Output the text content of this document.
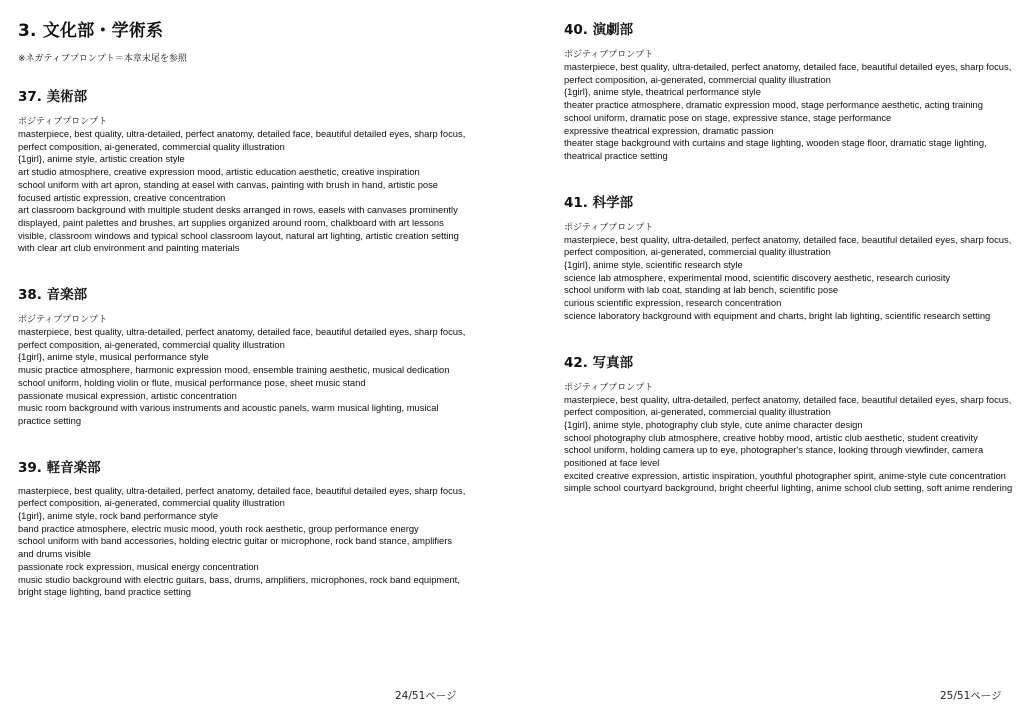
3. 文化部・学術系

※ネガティブプロンプト＝本章末尾を参照

37. 美術部

ポジティブプロンプト

masterpiece, best quality, ultra-detailed, perfect anatomy, detailed face, beautiful detailed eyes, sharp focus, perfect composition, ai-generated, commercial quality illustration

{1girl}, anime style, artistic creation style

art studio atmosphere, creative expression mood, artistic education aesthetic, creative inspiration

school uniform with art apron, standing at easel with canvas, painting with brush in hand, artistic pose

focused artistic expression, creative concentration

art classroom background with multiple student desks arranged in rows, easels with canvases prominently displayed, paint palettes and brushes, art supplies organized around room, chalkboard with art lessons visible, classroom windows and typical school classroom layout, natural art lighting, artistic creation setting with clear art club environment and painting materials

38. 音楽部

ポジティブプロンプト

masterpiece, best quality, ultra-detailed, perfect anatomy, detailed face, beautiful detailed eyes, sharp focus, perfect composition, ai-generated, commercial quality illustration

{1girl}, anime style, musical performance style

music practice atmosphere, harmonic expression mood, ensemble training aesthetic, musical dedication

school uniform, holding violin or flute, musical performance pose, sheet music stand

passionate musical expression, artistic concentration

music room background with various instruments and acoustic panels, warm musical lighting, musical practice setting

39. 軽音楽部

masterpiece, best quality, ultra-detailed, perfect anatomy, detailed face, beautiful detailed eyes, sharp focus, perfect composition, ai-generated, commercial quality illustration

{1girl}, anime style, rock band performance style

band practice atmosphere, electric music mood, youth rock aesthetic, group performance energy

school uniform with band accessories, holding electric guitar or microphone, rock band stance, amplifiers and drums visible

passionate rock expression, musical energy concentration

music studio background with electric guitars, bass, drums, amplifiers, microphones, rock band equipment, bright stage lighting, band practice setting

24/51ページ
40. 演劇部

ポジティブプロンプト

masterpiece, best quality, ultra-detailed, perfect anatomy, detailed face, beautiful detailed eyes, sharp focus, perfect composition, ai-generated, commercial quality illustration

{1girl}, anime style, theatrical performance style

theater practice atmosphere, dramatic expression mood, stage performance aesthetic, acting training

school uniform, dramatic pose on stage, expressive stance, stage performance

expressive theatrical expression, dramatic passion

theater stage background with curtains and stage lighting, wooden stage floor, dramatic stage lighting, theatrical practice setting

41. 科学部

ポジティブプロンプト

masterpiece, best quality, ultra-detailed, perfect anatomy, detailed face, beautiful detailed eyes, sharp focus, perfect composition, ai-generated, commercial quality illustration

{1girl}, anime style, scientific research style

science lab atmosphere, experimental mood, scientific discovery aesthetic, research curiosity

school uniform with lab coat, standing at lab bench, scientific pose

curious scientific expression, research concentration

science laboratory background with equipment and charts, bright lab lighting, scientific research setting

42. 写真部

ポジティブプロンプト

masterpiece, best quality, ultra-detailed, perfect anatomy, detailed face, beautiful detailed eyes, sharp focus, perfect composition, ai-generated, commercial quality illustration

{1girl}, anime style, photography club style, cute anime character design

school photography club atmosphere, creative hobby mood, artistic club aesthetic, student creativity

school uniform, holding camera up to eye, photographer's stance, looking through viewfinder, camera positioned at face level

excited creative expression, artistic inspiration, youthful photographer spirit, anime-style cute concentration

simple school courtyard background, bright cheerful lighting, anime school club setting, soft anime rendering

25/51ページ
